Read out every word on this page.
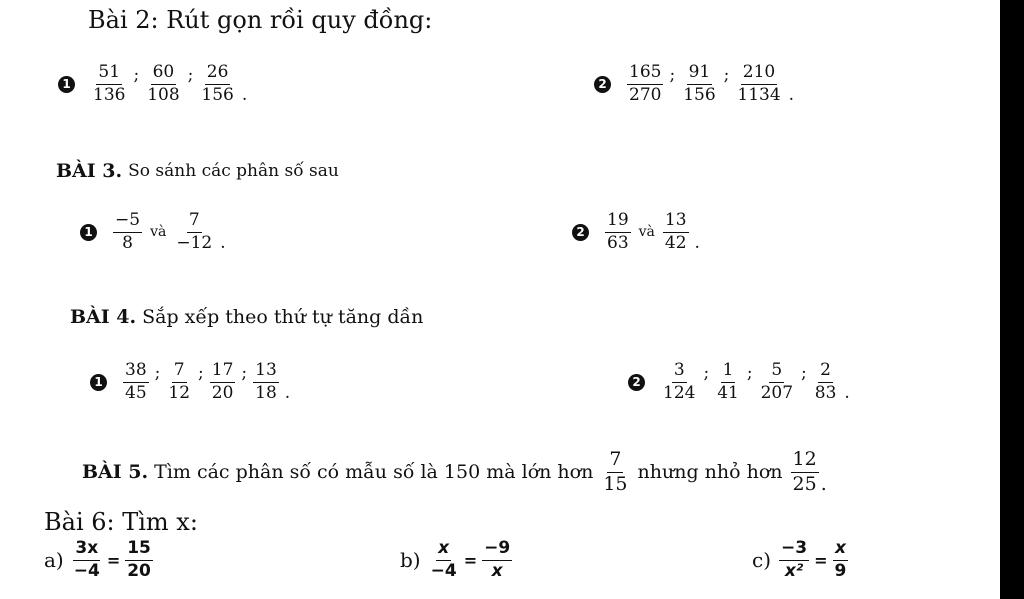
Bài 2: Rút gọn rồi quy đồng:
$1 \frac{51}{136}$ ; $\frac{60}{108}$ ; $\frac{26}{156}$ .
$2 \frac{165}{270}$ ; $\frac{91}{156}$ ; $\frac{210}{1134}$ .
BÀI 3. So sánh các phân số sau
$1 \frac{-5}{8}$ và $\frac{7}{-12}$ .
$2 \frac{19}{63}$ và $\frac{13}{42}$ .
BÀI 4. Sắp xếp theo thứ tự tăng dần
$1 \frac{38}{45}$ ; $\frac{7}{12}$ ; $\frac{17}{20}$ ; $\frac{13}{18}$ .
$2 \frac{3}{124}$ ; $\frac{1}{41}$ ; $\frac{5}{207}$ ; $\frac{2}{83}$ .
BÀI 5. Tìm các phân số có mẫu số là 150 mà lớn hơn $\frac{7}{15}$ nhưng nhỏ hơn $\frac{12}{25}$ .
Bài 6: Tìm x:
$a) \frac{3x}{-4} = \frac{15}{20}$	$b) \frac{x}{-4} = \frac{-9}{x}$	$c) \frac{-3}{\text{x²}} = \frac{x}{9}$
